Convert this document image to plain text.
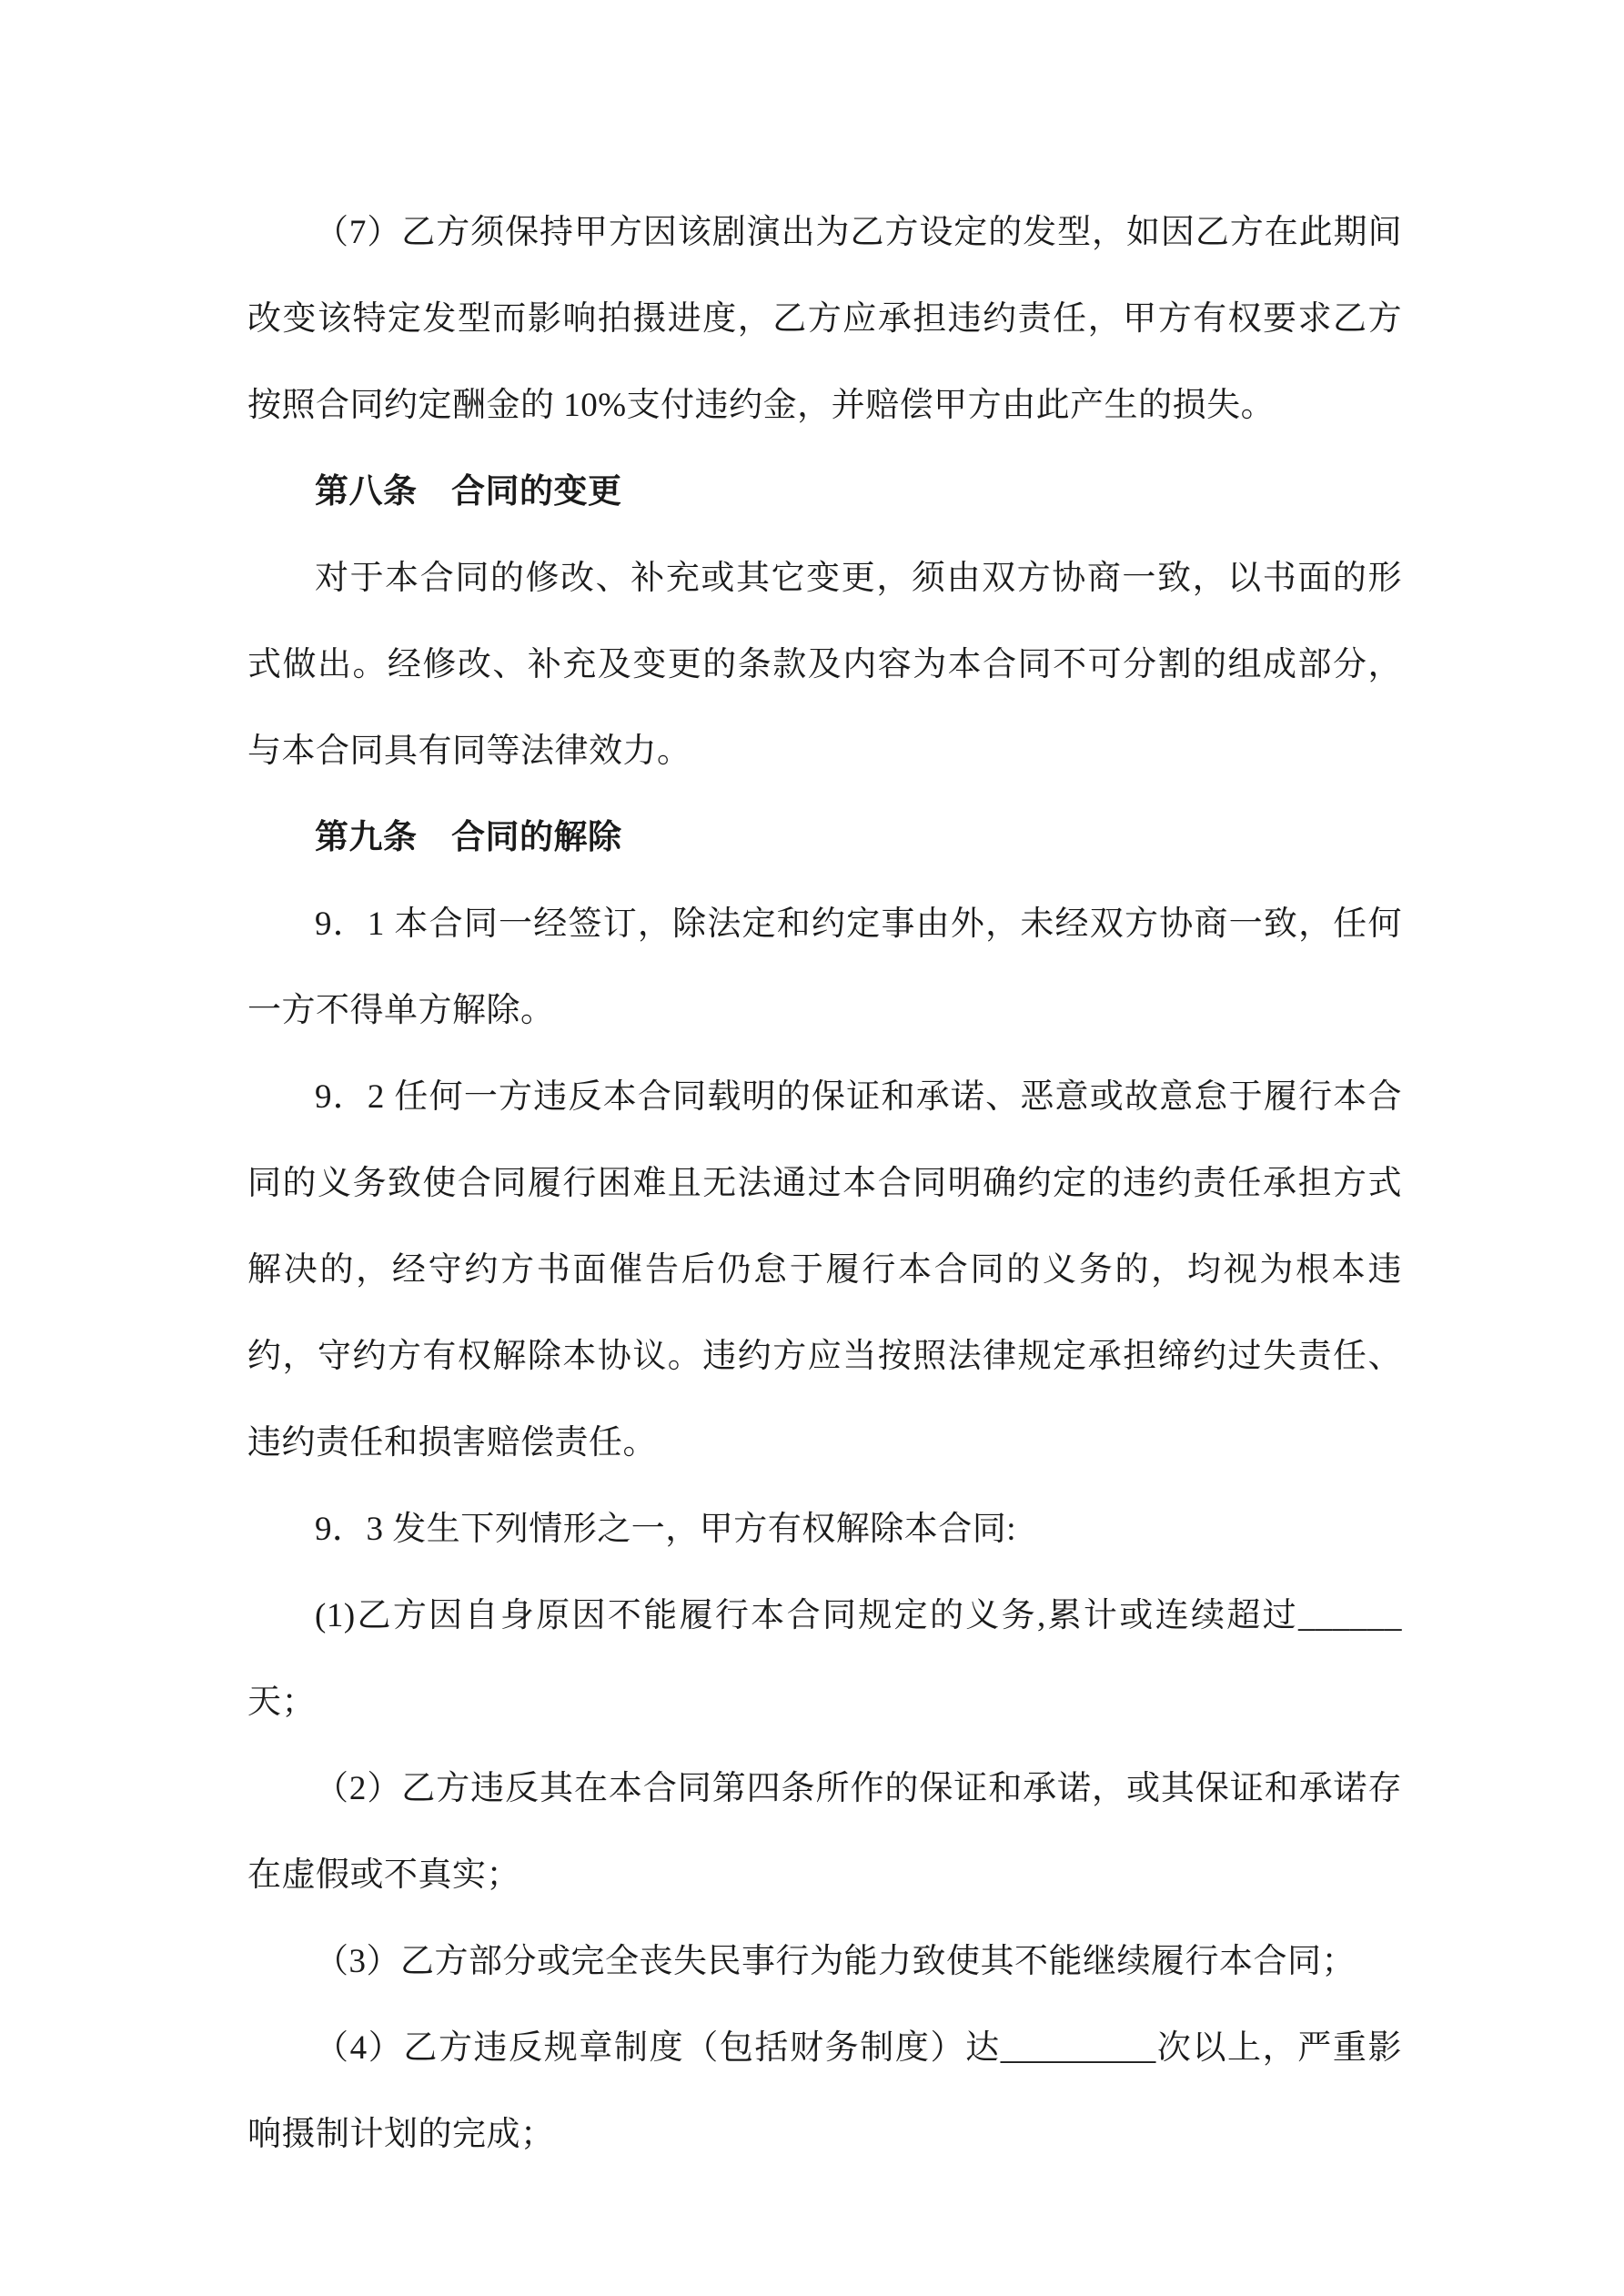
（7）乙方须保持甲方因该剧演出为乙方设定的发型，如因乙方在此期间改变该特定发型而影响拍摄进度，乙方应承担违约责任，甲方有权要求乙方按照合同约定酬金的 10%支付违约金，并赔偿甲方由此产生的损失。

第八条　合同的变更

对于本合同的修改、补充或其它变更，须由双方协商一致，以书面的形式做出。经修改、补充及变更的条款及内容为本合同不可分割的组成部分，与本合同具有同等法律效力。

第九条　合同的解除

9．1 本合同一经签订，除法定和约定事由外，未经双方协商一致，任何一方不得单方解除。

9．2 任何一方违反本合同载明的保证和承诺、恶意或故意怠于履行本合同的义务致使合同履行困难且无法通过本合同明确约定的违约责任承担方式解决的，经守约方书面催告后仍怠于履行本合同的义务的，均视为根本违约，守约方有权解除本协议。违约方应当按照法律规定承担缔约过失责任、违约责任和损害赔偿责任。

9．3 发生下列情形之一，甲方有权解除本合同:

(1)乙方因自身原因不能履行本合同规定的义务,累计或连续超过______天；

（2）乙方违反其在本合同第四条所作的保证和承诺，或其保证和承诺存在虚假或不真实；

（3）乙方部分或完全丧失民事行为能力致使其不能继续履行本合同；

（4）乙方违反规章制度（包括财务制度）达_________次以上，严重影响摄制计划的完成；
